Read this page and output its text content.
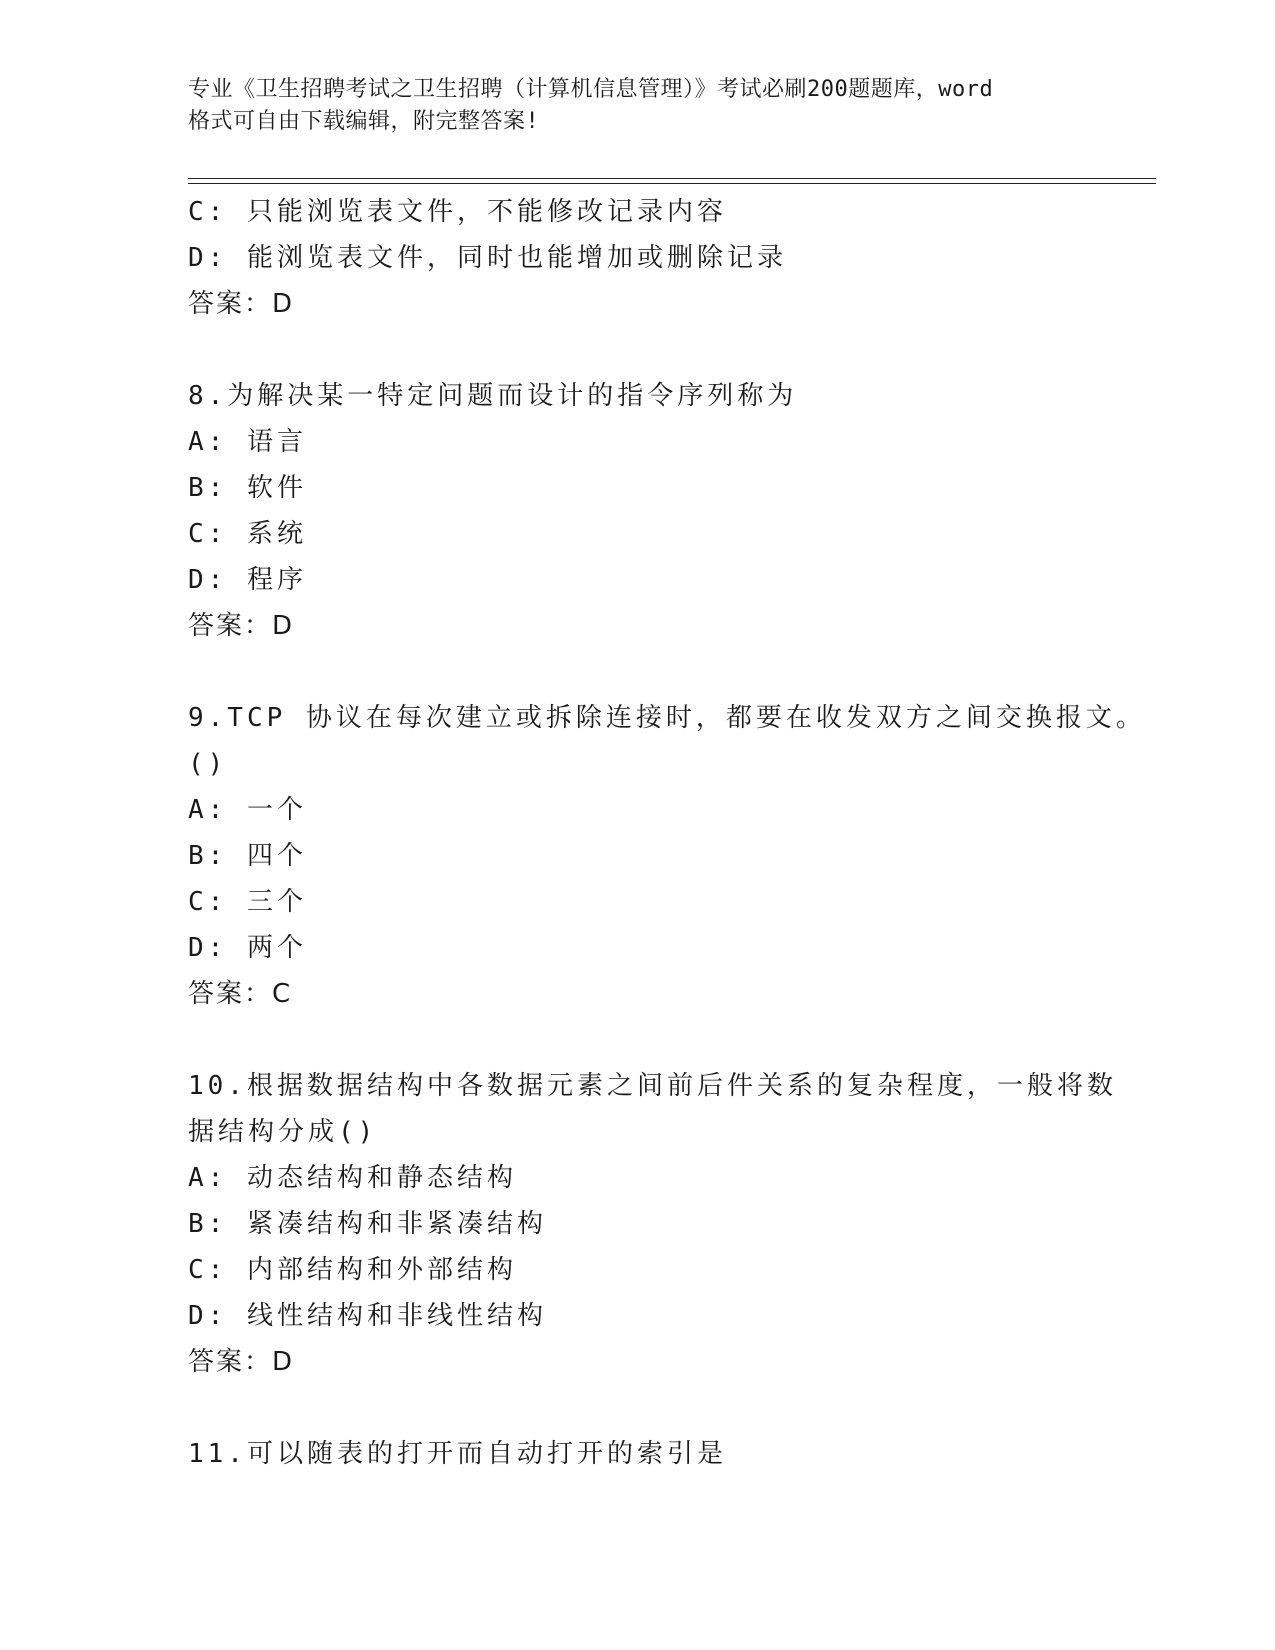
专业《卫生招聘考试之卫生招聘（计算机信息管理）》考试必刷200题题库，word
格式可自由下载编辑，附完整答案!
C: 只能浏览表文件，不能修改记录内容
D: 能浏览表文件，同时也能增加或删除记录
答案：D
8.为解决某一特定问题而设计的指令序列称为
A: 语言
B: 软件
C: 系统
D: 程序
答案：D
9.TCP 协议在每次建立或拆除连接时，都要在收发双方之间交换报文。
()
A: 一个
B: 四个
C: 三个
D: 两个
答案：C
10.根据数据结构中各数据元素之间前后件关系的复杂程度，一般将数
据结构分成()
A: 动态结构和静态结构
B: 紧凑结构和非紧凑结构
C: 内部结构和外部结构
D: 线性结构和非线性结构
答案：D
11.可以随表的打开而自动打开的索引是
